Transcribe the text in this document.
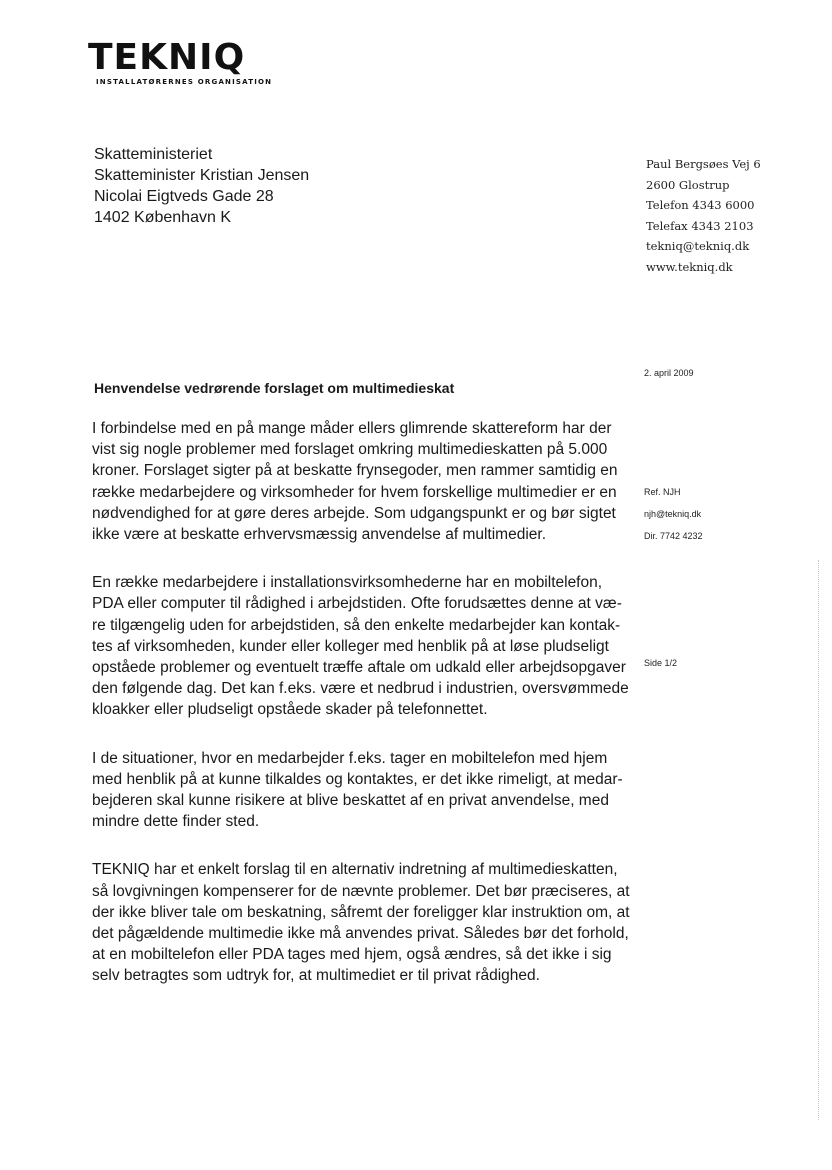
TEKNIQ
INSTALLATØRERNES ORGANISATION
Skatteministeriet
Skatteminister Kristian Jensen
Nicolai Eigtveds Gade 28
1402 København K
Paul Bergsøes Vej 6
2600 Glostrup
Telefon 4343 6000
Telefax 4343 2103
tekniq@tekniq.dk
www.tekniq.dk
2. april 2009
Henvendelse vedrørende forslaget om multimedieskat
Ref. NJH
njh@tekniq.dk
Dir. 7742 4232
Side 1/2
I forbindelse med en på mange måder ellers glimrende skattereform har der
vist sig nogle problemer med forslaget omkring multimedieskatten på 5.000
kroner. Forslaget sigter på at beskatte frynsegoder, men rammer samtidig en
række medarbejdere og virksomheder for hvem forskellige multimedier er en
nødvendighed for at gøre deres arbejde. Som udgangspunkt er og bør sigtet
ikke være at beskatte erhvervsmæssig anvendelse af multimedier.
En række medarbejdere i installationsvirksomhederne har en mobiltelefon,
PDA eller computer til rådighed i arbejdstiden. Ofte forudsættes denne at væ-
re tilgængelig uden for arbejdstiden, så den enkelte medarbejder kan kontak-
tes af virksomheden, kunder eller kolleger med henblik på at løse pludseligt
opståede problemer og eventuelt træffe aftale om udkald eller arbejdsopgaver
den følgende dag. Det kan f.eks. være et nedbrud i industrien, oversvømmede
kloakker eller pludseligt opståede skader på telefonnettet.
I de situationer, hvor en medarbejder f.eks. tager en mobiltelefon med hjem
med henblik på at kunne tilkaldes og kontaktes, er det ikke rimeligt, at medar-
bejderen skal kunne risikere at blive beskattet af en privat anvendelse, med
mindre dette finder sted.
TEKNIQ har et enkelt forslag til en alternativ indretning af multimedieskatten,
så lovgivningen kompenserer for de nævnte problemer. Det bør præciseres, at
der ikke bliver tale om beskatning, såfremt der foreligger klar instruktion om, at
det pågældende multimedie ikke må anvendes privat. Således bør det forhold,
at en mobiltelefon eller PDA tages med hjem, også ændres, så det ikke i sig
selv betragtes som udtryk for, at multimediet er til privat rådighed.
